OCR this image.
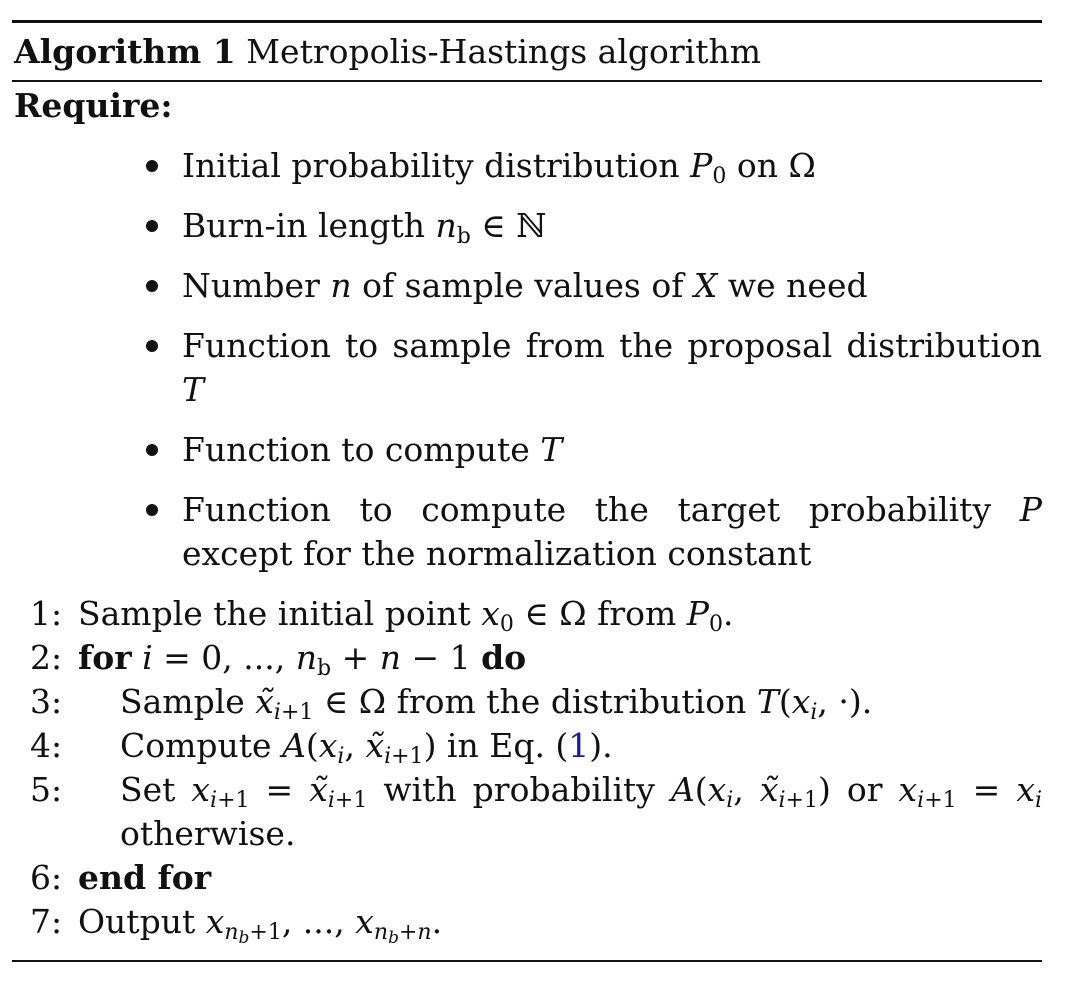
Algorithm 1 Metropolis-Hastings algorithm
Require:
Initial probability distribution $P_0$ on Ω
Burn-in length $n_b$ ∈ ℕ
Number n of sample values of X we need
Function to sample from the proposal distribution T
Function to compute T
Function to compute the target probability P except for the normalization constant
1: Sample the initial point $x_0$ ∈ Ω from $P_0$.
2: for i = 0, ..., $n_b + n - 1$ do
3:	Sample $x̃_{i+1}$ ∈ Ω from the distribution $T(x_i$, ·).
4:	Compute $A(x_i$, $x̃_{i+1}$) in Eq. (1).
5:	Set $x_{i+1}$ = $x̃_{i+1}$ with probability $A(x_i$, $x̃_{i+1}$) or $x_{i+1} = x_i$ otherwise.
6: end for
7: Output $x_{n_b+1}$, ..., $x_{n_b+n}$.
